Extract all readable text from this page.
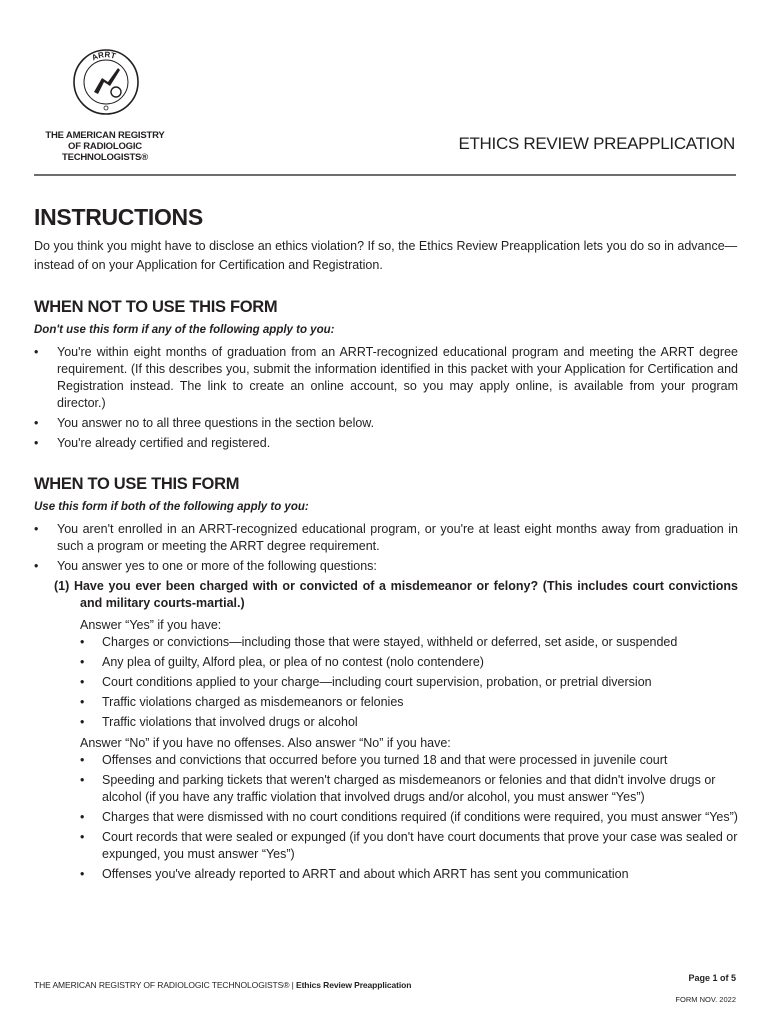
ARRT
THE AMERICAN REGISTRY
OF RADIOLOGIC
TECHNOLOGISTS®
ETHICS REVIEW PREAPPLICATION
INSTRUCTIONS

Do you think you might have to disclose an ethics violation? If so, the Ethics Review Preapplication lets you do so in advance—instead of on your Application for Certification and Registration.

WHEN NOT TO USE THIS FORM

Don't use this form if any of the following apply to you:

• You're within eight months of graduation from an ARRT-recognized educational program and meeting the ARRT degree requirement. (If this describes you, submit the information identified in this packet with your Application for Certification and Registration instead. The link to create an online account, so you may apply online, is available from your program director.)
• You answer no to all three questions in the section below.
• You're already certified and registered.
WHEN TO USE THIS FORM

Use this form if both of the following apply to you:

• You aren't enrolled in an ARRT-recognized educational program, or you're at least eight months away from graduation in such a program or meeting the ARRT degree requirement.
• You answer yes to one or more of the following questions:
(1) Have you ever been charged with or convicted of a misdemeanor or felony? (This includes court convictions and military courts-martial.)
Answer “Yes” if you have:
• Charges or convictions—including those that were stayed, withheld or deferred, set aside, or suspended
• Any plea of guilty, Alford plea, or plea of no contest (nolo contendere)
• Court conditions applied to your charge—including court supervision, probation, or pretrial diversion
• Traffic violations charged as misdemeanors or felonies
• Traffic violations that involved drugs or alcohol
Answer “No” if you have no offenses. Also answer “No” if you have:
• Offenses and convictions that occurred before you turned 18 and that were processed in juvenile court
• Speeding and parking tickets that weren't charged as misdemeanors or felonies and that didn't involve drugs or alcohol (if you have any traffic violation that involved drugs and/or alcohol, you must answer “Yes”)
• Charges that were dismissed with no court conditions required (if conditions were required, you must answer “Yes”)
• Court records that were sealed or expunged (if you don't have court documents that prove your case was sealed or expunged, you must answer “Yes”)
• Offenses you've already reported to ARRT and about which ARRT has sent you communication
THE AMERICAN REGISTRY OF RADIOLOGIC TECHNOLOGISTS® | Ethics Review Preapplication
Page 1 of 5
FORM NOV. 2022
